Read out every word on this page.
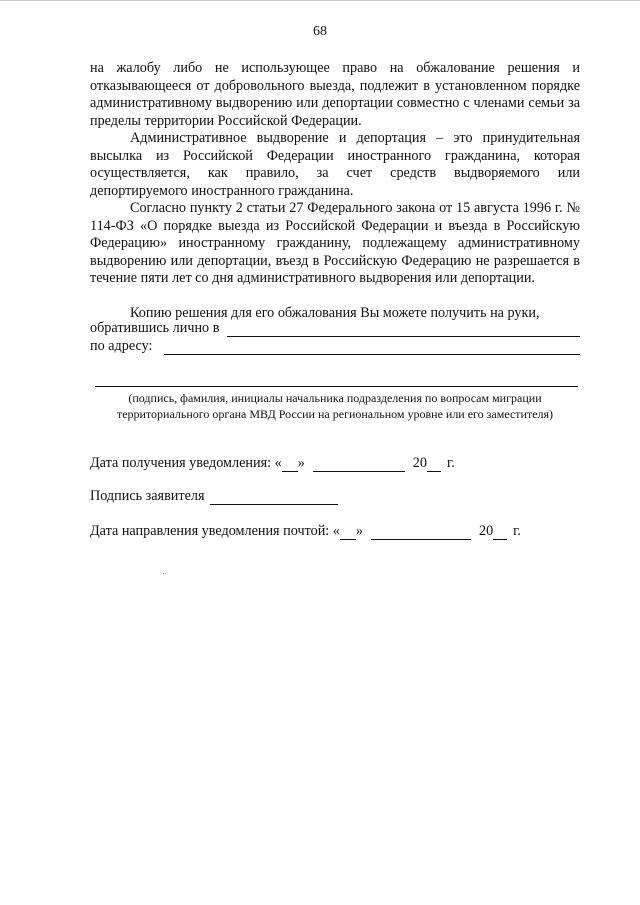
68

на жалобу либо не использующее право на обжалование решения и отказывающееся от добровольного выезда, подлежит в установленном порядке административному выдворению или депортации совместно с членами семьи за пределы территории Российской Федерации.

Административное выдворение и депортация – это принудительная высылка из Российской Федерации иностранного гражданина, которая осуществляется, как правило, за счет средств выдворяемого или депортируемого иностранного гражданина.

Согласно пункту 2 статьи 27 Федерального закона от 15 августа 1996 г. № 114-ФЗ «О порядке выезда из Российской Федерации и въезда в Российскую Федерацию» иностранному гражданину, подлежащему административному выдворению или депортации, въезд в Российскую Федерацию не разрешается в течение пяти лет со дня административного выдворения или депортации.

Копию решения для его обжалования Вы можете получить на руки,

обратившись лично в
по адресу:

(подпись, фамилия, инициалы начальника подразделения по вопросам миграции территориального органа МВД России на региональном уровне или его заместителя)

Дата получения уведомления: « »	20 г.
Подпись заявителя
Дата направления уведомления почтой: « »	20 г.
